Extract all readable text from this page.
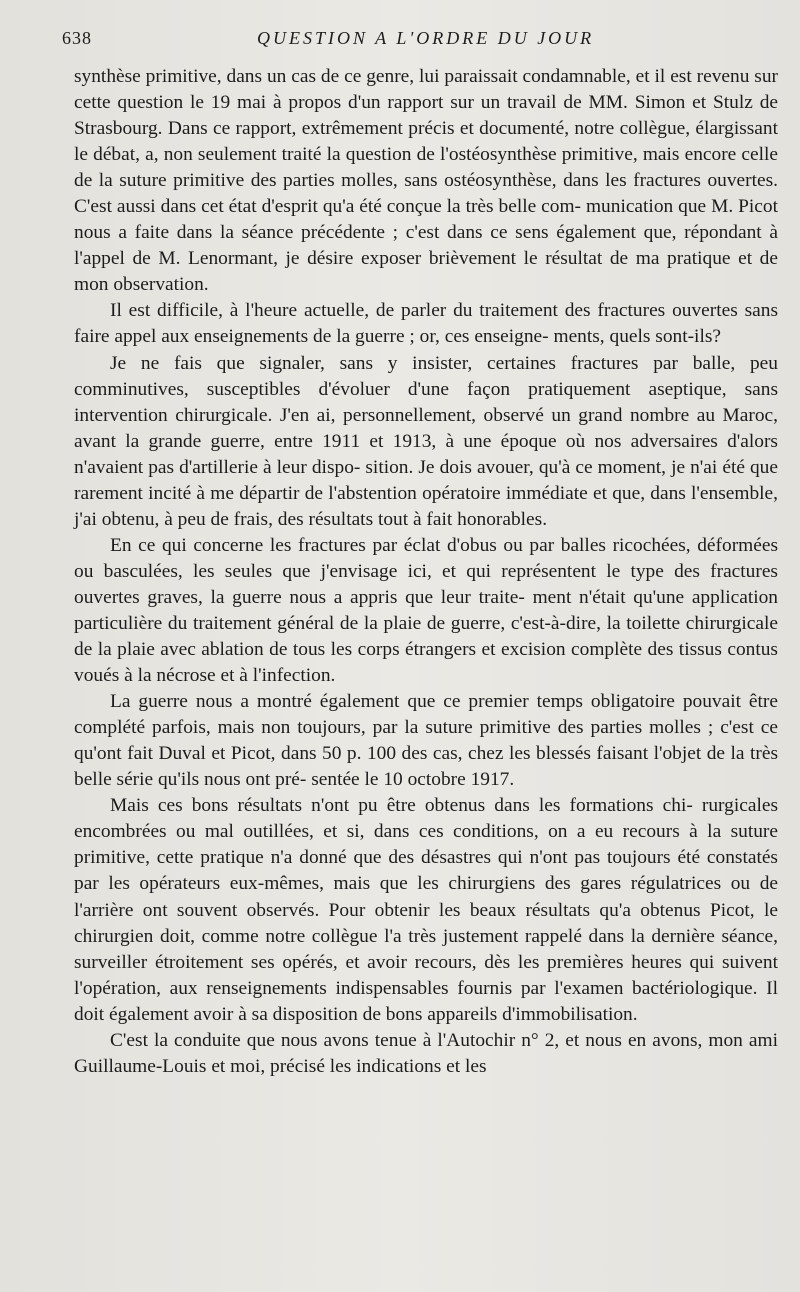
638	QUESTION A L'ORDRE DU JOUR

synthèse primitive, dans un cas de ce genre, lui paraissait condamnable, et il est revenu sur cette question le 19 mai à propos d'un rapport sur un travail de MM. Simon et Stulz de Strasbourg. Dans ce rapport, extrêmement précis et documenté, notre collègue, élargissant le débat, a, non seulement traité la question de l'ostéosynthèse primitive, mais encore celle de la suture primitive des parties molles, sans ostéosynthèse, dans les fractures ouvertes. C'est aussi dans cet état d'esprit qu'a été conçue la très belle com- munication que M. Picot nous a faite dans la séance précédente ; c'est dans ce sens également que, répondant à l'appel de M. Lenormant, je désire exposer brièvement le résultat de ma pratique et de mon observation.

Il est difficile, à l'heure actuelle, de parler du traitement des fractures ouvertes sans faire appel aux enseignements de la guerre ; or, ces enseigne- ments, quels sont-ils?

Je ne fais que signaler, sans y insister, certaines fractures par balle, peu comminutives, susceptibles d'évoluer d'une façon pratiquement aseptique, sans intervention chirurgicale. J'en ai, personnellement, observé un grand nombre au Maroc, avant la grande guerre, entre 1911 et 1913, à une époque où nos adversaires d'alors n'avaient pas d'artillerie à leur dispo- sition. Je dois avouer, qu'à ce moment, je n'ai été que rarement incité à me départir de l'abstention opératoire immédiate et que, dans l'ensemble, j'ai obtenu, à peu de frais, des résultats tout à fait honorables.

En ce qui concerne les fractures par éclat d'obus ou par balles ricochées, déformées ou basculées, les seules que j'envisage ici, et qui représentent le type des fractures ouvertes graves, la guerre nous a appris que leur traite- ment n'était qu'une application particulière du traitement général de la plaie de guerre, c'est-à-dire, la toilette chirurgicale de la plaie avec ablation de tous les corps étrangers et excision complète des tissus contus voués à la nécrose et à l'infection.

La guerre nous a montré également que ce premier temps obligatoire pouvait être complété parfois, mais non toujours, par la suture primitive des parties molles ; c'est ce qu'ont fait Duval et Picot, dans 50 p. 100 des cas, chez les blessés faisant l'objet de la très belle série qu'ils nous ont pré- sentée le 10 octobre 1917.

Mais ces bons résultats n'ont pu être obtenus dans les formations chi- rurgicales encombrées ou mal outillées, et si, dans ces conditions, on a eu recours à la suture primitive, cette pratique n'a donné que des désastres qui n'ont pas toujours été constatés par les opérateurs eux-mêmes, mais que les chirurgiens des gares régulatrices ou de l'arrière ont souvent observés. Pour obtenir les beaux résultats qu'a obtenus Picot, le chirurgien doit, comme notre collègue l'a très justement rappelé dans la dernière séance, surveiller étroitement ses opérés, et avoir recours, dès les premières heures qui suivent l'opération, aux renseignements indispensables fournis par l'examen bactériologique. Il doit également avoir à sa disposition de bons appareils d'immobilisation.

C'est la conduite que nous avons tenue à l'Autochir n° 2, et nous en avons, mon ami Guillaume-Louis et moi, précisé les indications et les
